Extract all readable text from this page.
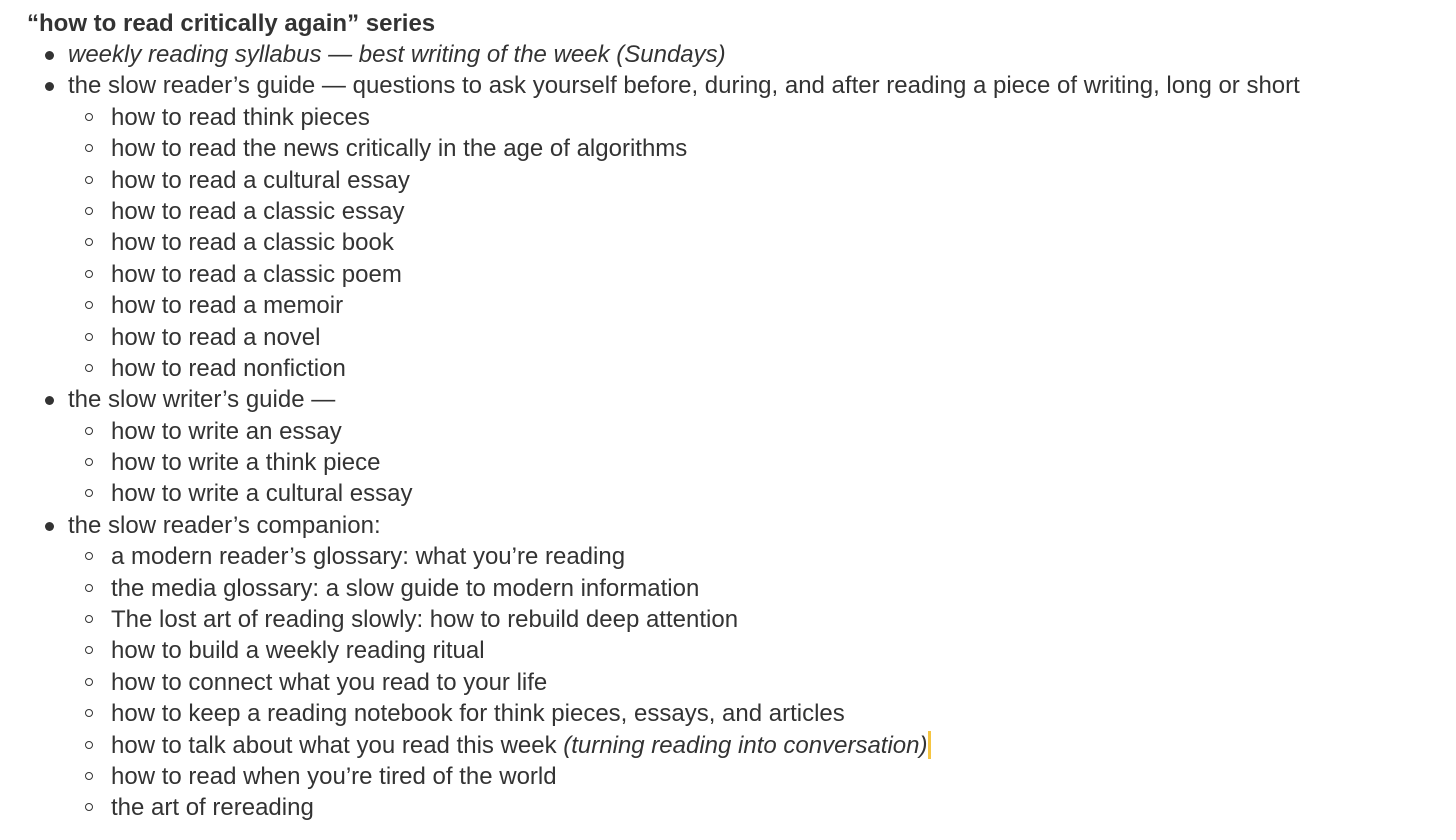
“how to read critically again” series
weekly reading syllabus — best writing of the week (Sundays)
the slow reader’s guide — questions to ask yourself before, during, and after reading a piece of writing, long or short
how to read think pieces
how to read the news critically in the age of algorithms
how to read a cultural essay
how to read a classic essay
how to read a classic book
how to read a classic poem
how to read a memoir
how to read a novel
how to read nonfiction
the slow writer’s guide —
how to write an essay
how to write a think piece
how to write a cultural essay
the slow reader’s companion:
a modern reader’s glossary: what you’re reading
the media glossary: a slow guide to modern information
The lost art of reading slowly: how to rebuild deep attention
how to build a weekly reading ritual
how to connect what you read to your life
how to keep a reading notebook for think pieces, essays, and articles
how to talk about what you read this week (turning reading into conversation)
how to read when you’re tired of the world
the art of rereading
